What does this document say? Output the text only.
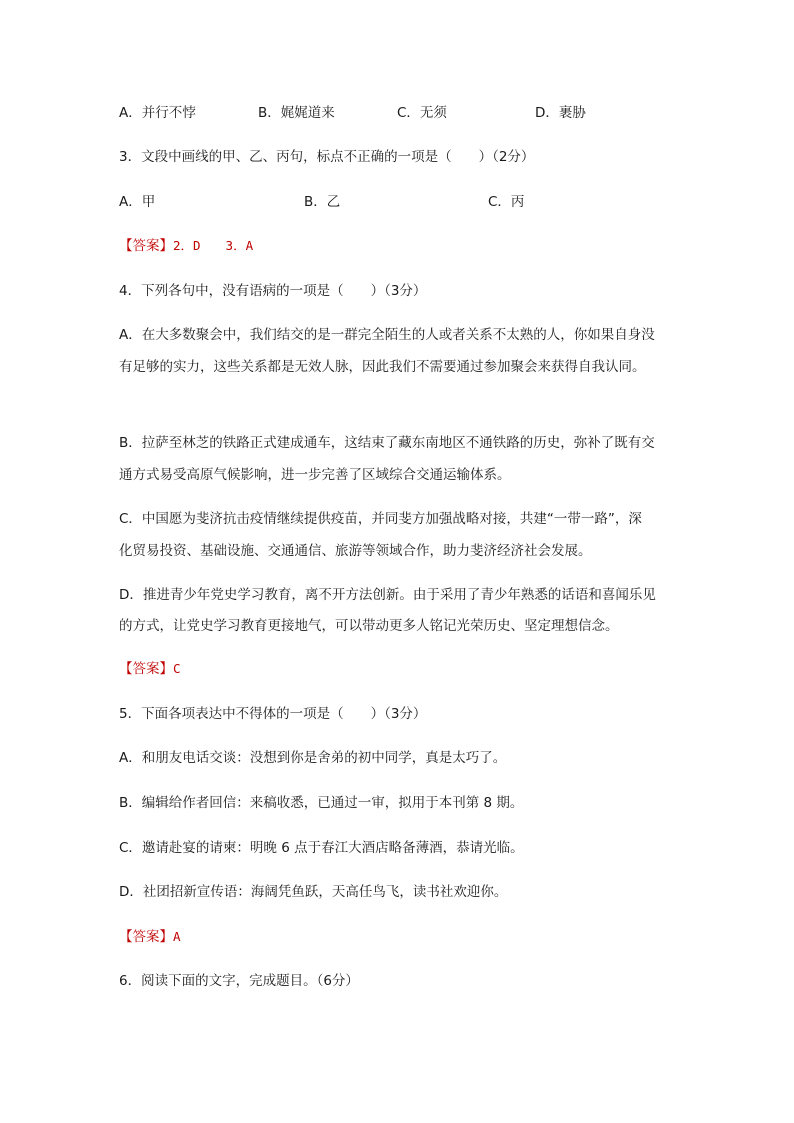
A．并行不悖	B．娓娓道来	C．无须	D．裹胁
3．文段中画线的甲、乙、丙句，标点不正确的一项是（　　）（2分）
A．甲	B．乙	C．丙
【答案】2．D　　3．A
4．下列各句中，没有语病的一项是（　　）（3分）
A．在大多数聚会中，我们结交的是一群完全陌生的人或者关系不太熟的人，你如果自身没
有足够的实力，这些关系都是无效人脉，因此我们不需要通过参加聚会来获得自我认同。
B．拉萨至林芝的铁路正式建成通车，这结束了藏东南地区不通铁路的历史，弥补了既有交
通方式易受高原气候影响，进一步完善了区域综合交通运输体系。
C．中国愿为斐济抗击疫情继续提供疫苗，并同斐方加强战略对接，共建“一带一路”，深
化贸易投资、基础设施、交通通信、旅游等领域合作，助力斐济经济社会发展。
D．推进青少年党史学习教育，离不开方法创新。由于采用了青少年熟悉的话语和喜闻乐见
的方式，让党史学习教育更接地气，可以带动更多人铭记光荣历史、坚定理想信念。
【答案】C
5．下面各项表达中不得体的一项是（　　）（3分）
A．和朋友电话交谈：没想到你是舍弟的初中同学，真是太巧了。
B．编辑给作者回信：来稿收悉，已通过一审，拟用于本刊第 8 期。
C．邀请赴宴的请柬：明晚 6 点于春江大酒店略备薄酒，恭请光临。
D．社团招新宣传语：海阔凭鱼跃，天高任鸟飞，读书社欢迎你。
【答案】A
6．阅读下面的文字，完成题目。（6分）
